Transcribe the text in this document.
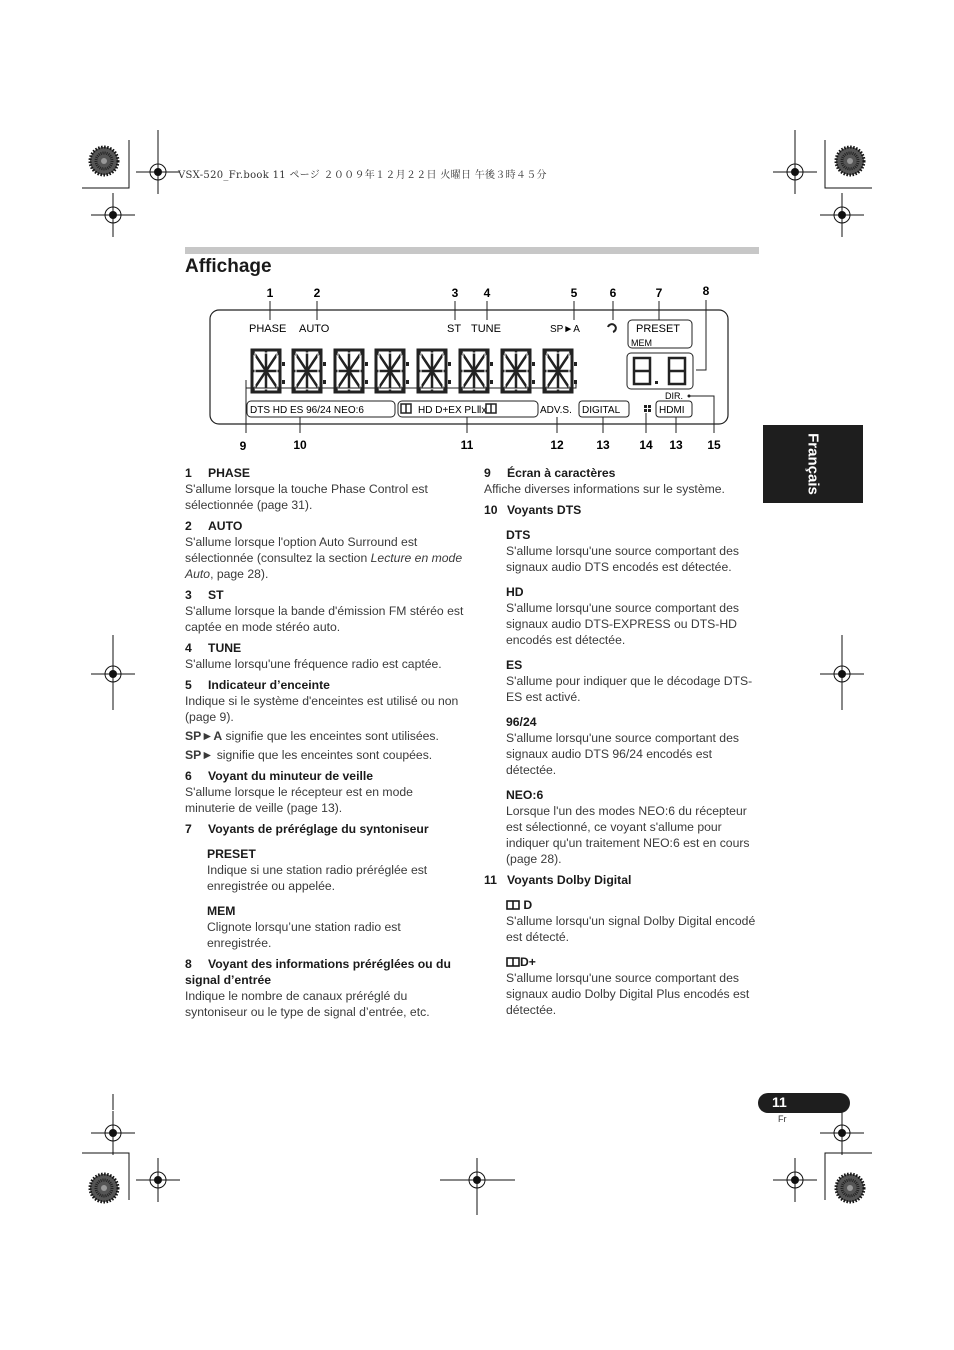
VSX-520_Fr.book 11 ページ ２００９年１２月２２日 火曜日 午後３時４５分
Affichage
Français
1	2	3 4	5	6	7	8
PHASE AUTO	ST TUNE	SP►A	PRESET
MEM
DTS HD ES 96/24 NEO:6	HD D+EX PLⅡx	ADV.S. DIGITAL
DIR.
HDMI
9	10	11	12	13 14 13 15

1 PHASE

S'allume lorsque la touche Phase Control est sélectionnée (page 31).

2 AUTO

S'allume lorsque l'option Auto Surround est sélectionnée (consultez la section Lecture en mode Auto, page 28).

3 ST

S'allume lorsque la bande d'émission FM stéréo est captée en mode stéréo auto.

4 TUNE

S'allume lorsqu'une fréquence radio est captée.

5 Indicateur d’enceinte

Indique si le système d'enceintes est utilisé ou non (page 9).

SP►A signifie que les enceintes sont utilisées.

SP► signifie que les enceintes sont coupées.

6 Voyant du minuteur de veille

S'allume lorsque le récepteur est en mode minuterie de veille (page 13).

7 Voyants de préréglage du syntoniseur

PRESET

Indique si une station radio préréglée est enregistrée ou appelée.

MEM

Clignote lorsqu’une station radio est enregistrée.

8 Voyant des informations préréglées ou du signal d’entrée

Indique le nombre de canaux préréglé du syntoniseur ou le type de signal d’entrée, etc.

9 Écran à caractères

Affiche diverses informations sur le système.

10 Voyants DTS

DTS

S'allume lorsqu'une source comportant des signaux audio DTS encodés est détectée.

HD

S'allume lorsqu'une source comportant des signaux audio DTS-EXPRESS ou DTS-HD encodés est détectée.

ES

S'allume pour indiquer que le décodage DTS-ES est activé.

96/24

S'allume lorsqu'une source comportant des signaux audio DTS 96/24 encodés est détectée.

NEO:6

Lorsque l'un des modes NEO:6 du récepteur est sélectionné, ce voyant s'allume pour indiquer qu'un traitement NEO:6 est en cours (page 28).

11 Voyants Dolby Digital

D

S'allume lorsqu'un signal Dolby Digital encodé est détecté.

D+

S'allume lorsqu'une source comportant des signaux audio Dolby Digital Plus encodés est détectée.

11
Fr
